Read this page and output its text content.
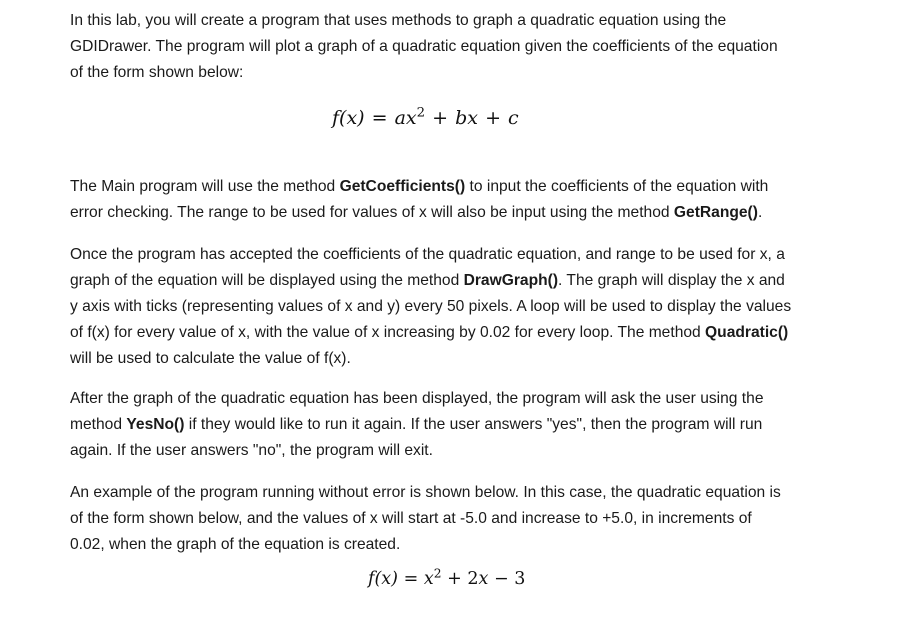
In this lab, you will create a program that uses methods to graph a quadratic equation using the
GDIDrawer. The program will plot a graph of a quadratic equation given the coefficients of the equation
of the form shown below:

$f(x) = ax^2$ + bx + c

The Main program will use the method GetCoefficients() to input the coefficients of the equation with
error checking. The range to be used for values of x will also be input using the method GetRange().

Once the program has accepted the coefficients of the quadratic equation, and range to be used for x, a
graph of the equation will be displayed using the method DrawGraph(). The graph will display the x and
y axis with ticks (representing values of x and y) every 50 pixels. A loop will be used to display the values
of f(x) for every value of x, with the value of x increasing by 0.02 for every loop. The method Quadratic()
will be used to calculate the value of f(x).

After the graph of the quadratic equation has been displayed, the program will ask the user using the
method YesNo() if they would like to run it again. If the user answers "yes", then the program will run
again. If the user answers "no", the program will exit.

An example of the program running without error is shown below. In this case, the quadratic equation is
of the form shown below, and the values of x will start at -5.0 and increase to +5.0, in increments of
0.02, when the graph of the equation is created.

$f(x) = x^2 + 2x - 3$
